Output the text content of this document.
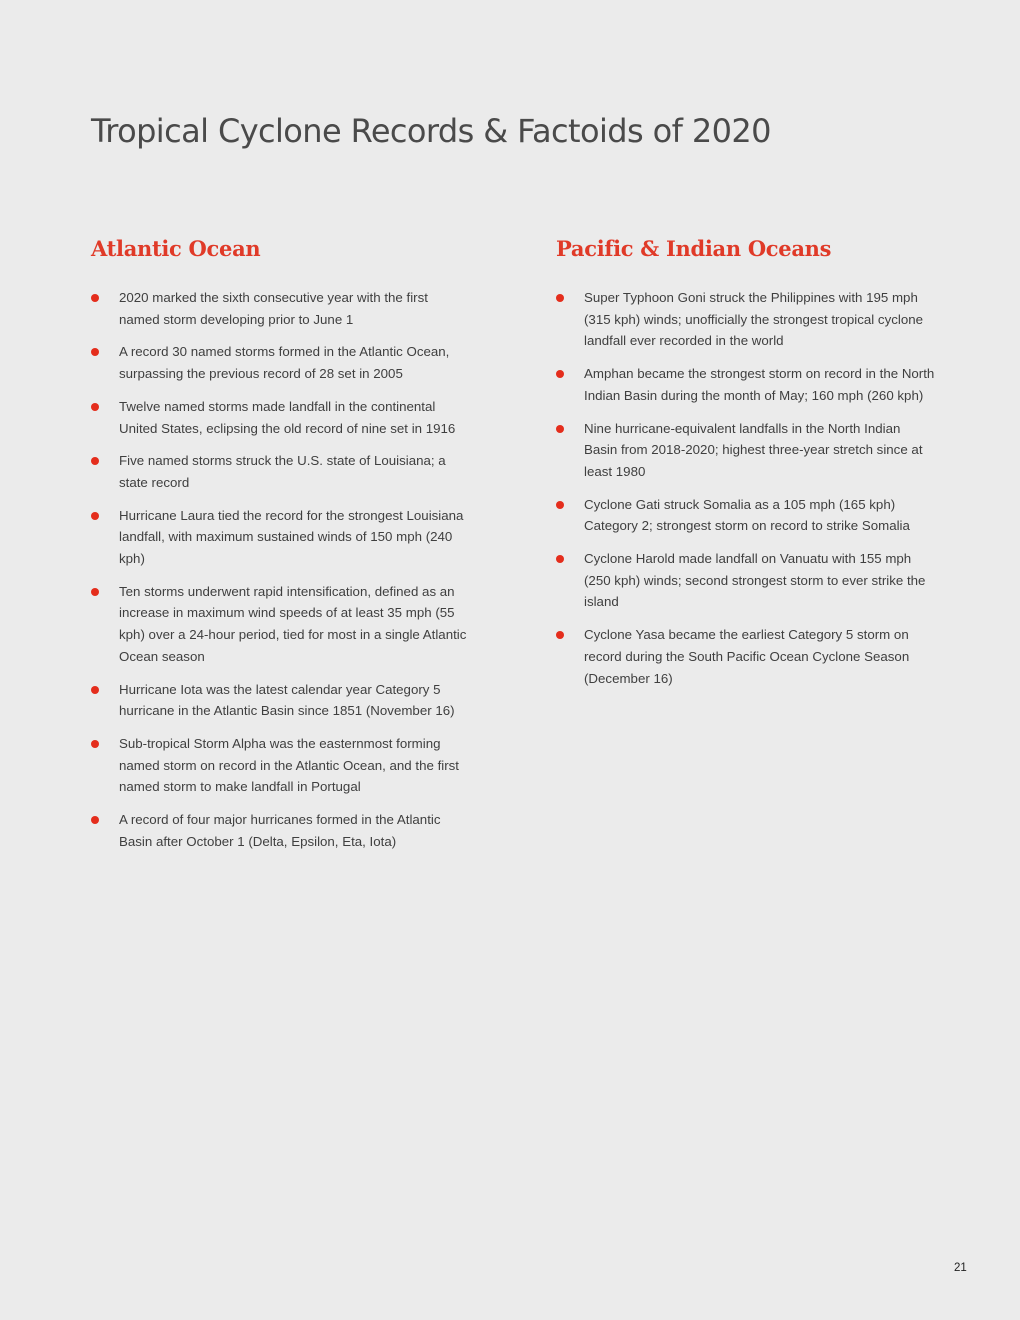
Tropical Cyclone Records & Factoids of 2020
Atlantic Ocean
2020 marked the sixth consecutive year with the first named storm developing prior to June 1
A record 30 named storms formed in the Atlantic Ocean, surpassing the previous record of 28 set in 2005
Twelve named storms made landfall in the continental United States, eclipsing the old record of nine set in 1916
Five named storms struck the U.S. state of Louisiana; a state record
Hurricane Laura tied the record for the strongest Louisiana landfall, with maximum sustained winds of 150 mph (240 kph)
Ten storms underwent rapid intensification, defined as an increase in maximum wind speeds of at least 35 mph (55 kph) over a 24-hour period, tied for most in a single Atlantic Ocean season
Hurricane Iota was the latest calendar year Category 5 hurricane in the Atlantic Basin since 1851 (November 16)
Sub-tropical Storm Alpha was the easternmost forming named storm on record in the Atlantic Ocean, and the first named storm to make landfall in Portugal
A record of four major hurricanes formed in the Atlantic Basin after October 1 (Delta, Epsilon, Eta, Iota)
Pacific & Indian Oceans
Super Typhoon Goni struck the Philippines with 195 mph (315 kph) winds; unofficially the strongest tropical cyclone landfall ever recorded in the world
Amphan became the strongest storm on record in the North Indian Basin during the month of May; 160 mph (260 kph)
Nine hurricane-equivalent landfalls in the North Indian Basin from 2018-2020; highest three-year stretch since at least 1980
Cyclone Gati struck Somalia as a 105 mph (165 kph) Category 2; strongest storm on record to strike Somalia
Cyclone Harold made landfall on Vanuatu with 155 mph (250 kph) winds; second strongest storm to ever strike the island
Cyclone Yasa became the earliest Category 5 storm on record during the South Pacific Ocean Cyclone Season (December 16)
21
